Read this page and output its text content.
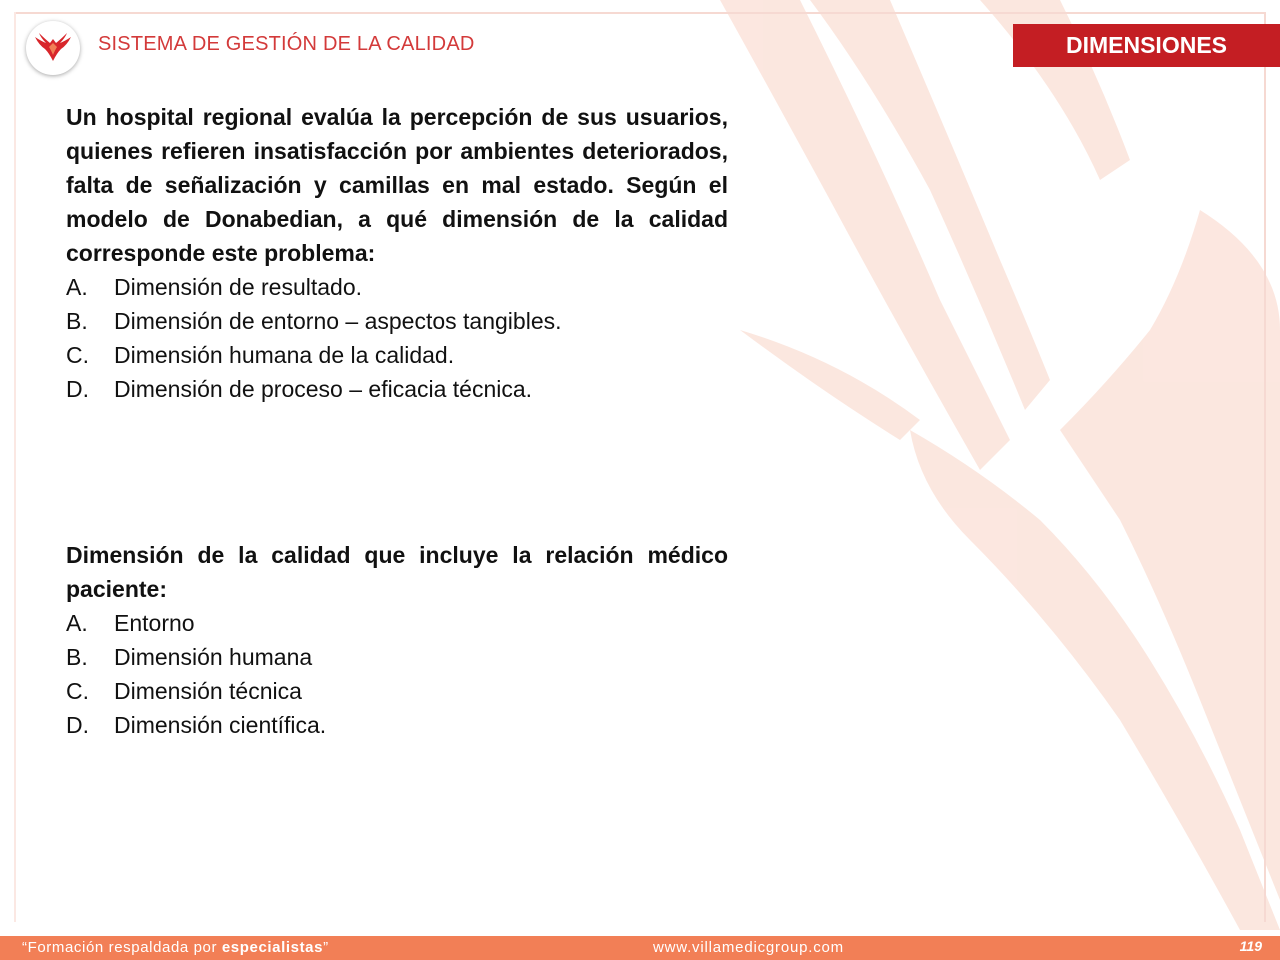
SISTEMA DE GESTIÓN DE LA CALIDAD	DIMENSIONES

Un hospital regional evalúa la percepción de sus usuarios, quienes refieren insatisfacción por ambientes deteriorados, falta de señalización y camillas en mal estado. Según el modelo de Donabedian, a qué dimensión de la calidad corresponde este problema:

A.	Dimensión de resultado.
B.	Dimensión de entorno – aspectos tangibles.
C.	Dimensión humana de la calidad.
D.	Dimensión de proceso – eficacia técnica.

Dimensión de la calidad que incluye la relación médico paciente:

A.	Entorno
B.	Dimensión humana
C.	Dimensión técnica
D.	Dimensión científica.
“Formación respaldada por especialistas”	www.villamedicgroup.com	119
